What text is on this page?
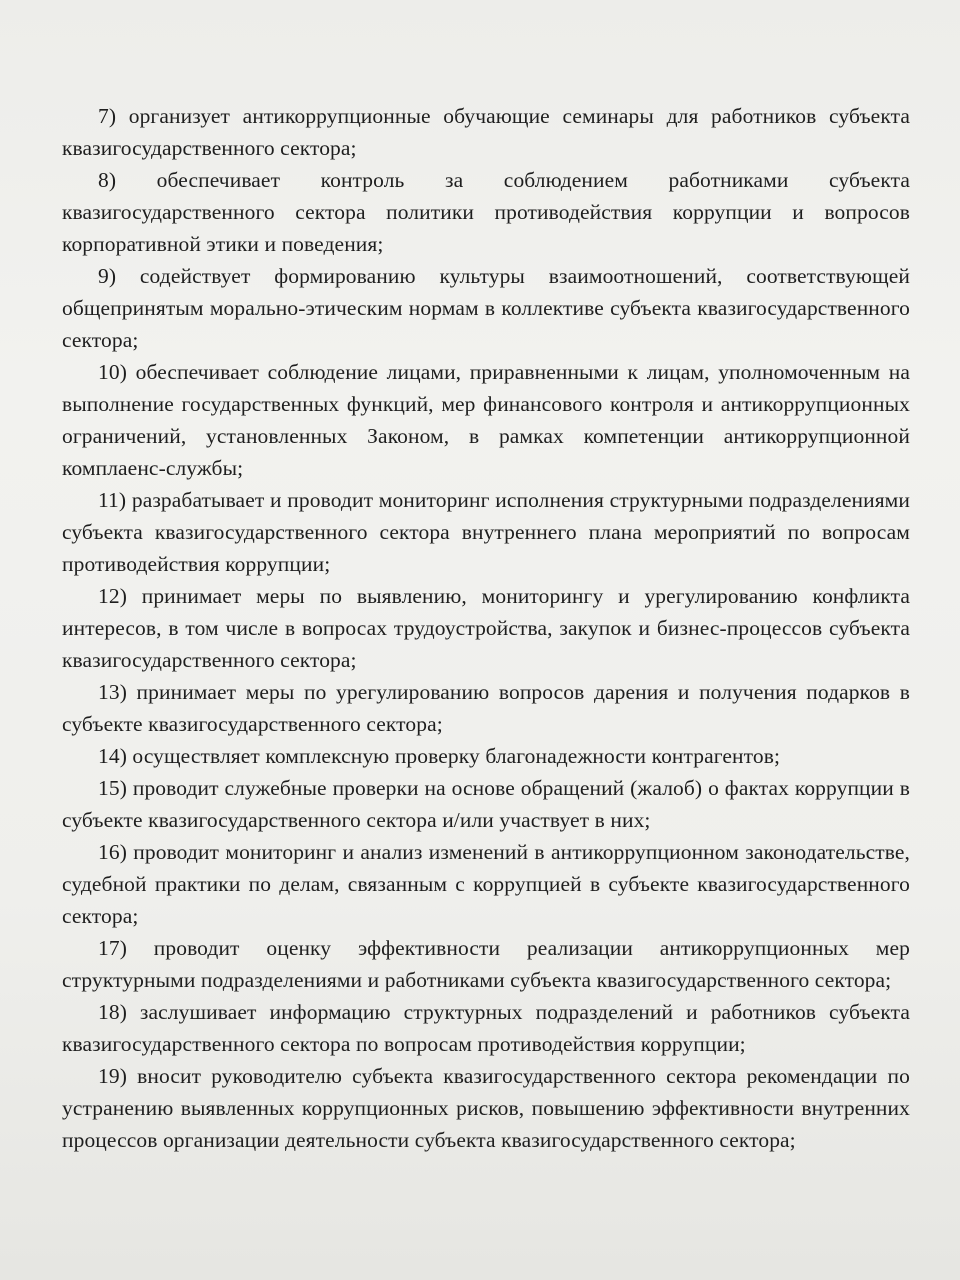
7) организует антикоррупционные обучающие семинары для работников субъекта квазигосударственного сектора;

8) обеспечивает контроль за соблюдением работниками субъекта квазигосударственного сектора политики противодействия коррупции и вопросов корпоративной этики и поведения;

9) содействует формированию культуры взаимоотношений, соответствующей общепринятым морально-этическим нормам в коллективе субъекта квазигосударственного сектора;

10) обеспечивает соблюдение лицами, приравненными к лицам, уполномоченным на выполнение государственных функций, мер финансового контроля и антикоррупционных ограничений, установленных Законом, в рамках компетенции антикоррупционной комплаенс-службы;

11) разрабатывает и проводит мониторинг исполнения структурными подразделениями субъекта квазигосударственного сектора внутреннего плана мероприятий по вопросам противодействия коррупции;

12) принимает меры по выявлению, мониторингу и урегулированию конфликта интересов, в том числе в вопросах трудоустройства, закупок и бизнес-процессов субъекта квазигосударственного сектора;

13) принимает меры по урегулированию вопросов дарения и получения подарков в субъекте квазигосударственного сектора;

14) осуществляет комплексную проверку благонадежности контрагентов;

15) проводит служебные проверки на основе обращений (жалоб) о фактах коррупции в субъекте квазигосударственного сектора и/или участвует в них;

16) проводит мониторинг и анализ изменений в антикоррупционном законодательстве, судебной практики по делам, связанным с коррупцией в субъекте квазигосударственного сектора;

17) проводит оценку эффективности реализации антикоррупционных мер структурными подразделениями и работниками субъекта квазигосударственного сектора;

18) заслушивает информацию структурных подразделений и работников субъекта квазигосударственного сектора по вопросам противодействия коррупции;

19) вносит руководителю субъекта квазигосударственного сектора рекомендации по устранению выявленных коррупционных рисков, повышению эффективности внутренних процессов организации деятельности субъекта квазигосударственного сектора;
